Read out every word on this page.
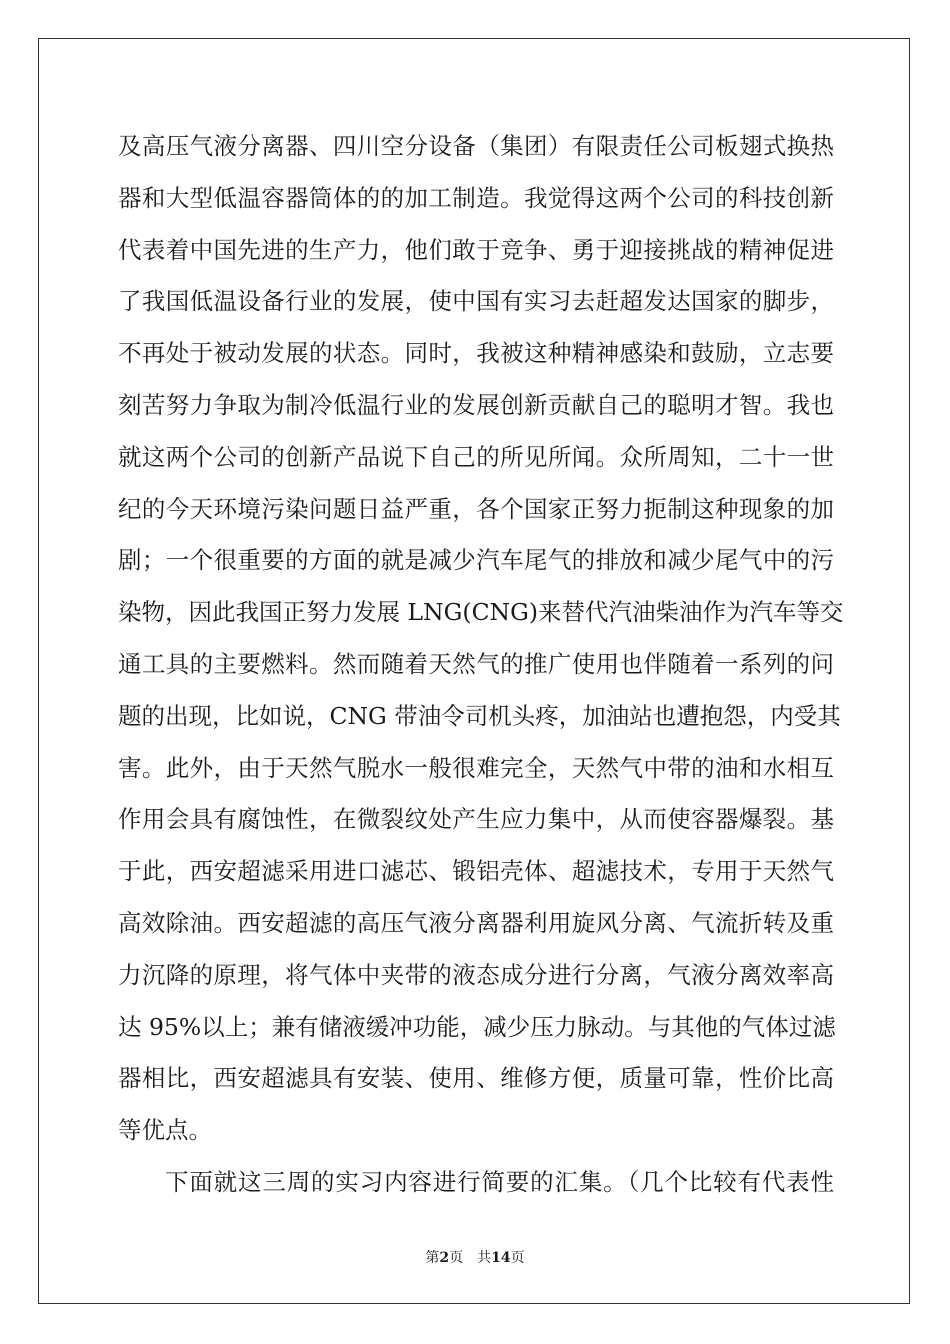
及高压气液分离器、四川空分设备（集团）有限责任公司板翅式换热
器和大型低温容器筒体的的加工制造。我觉得这两个公司的科技创新
代表着中国先进的生产力，他们敢于竞争、勇于迎接挑战的精神促进
了我国低温设备行业的发展，使中国有实习去赶超发达国家的脚步，
不再处于被动发展的状态。同时，我被这种精神感染和鼓励，立志要
刻苦努力争取为制冷低温行业的发展创新贡献自己的聪明才智。我也
就这两个公司的创新产品说下自己的所见所闻。众所周知，二十一世
纪的今天环境污染问题日益严重，各个国家正努力扼制这种现象的加
剧；一个很重要的方面的就是减少汽车尾气的排放和减少尾气中的污
染物，因此我国正努力发展 LNG(CNG)来替代汽油柴油作为汽车等交
通工具的主要燃料。然而随着天然气的推广使用也伴随着一系列的问
题的出现，比如说，CNG 带油令司机头疼，加油站也遭抱怨，内受其
害。此外，由于天然气脱水一般很难完全，天然气中带的油和水相互
作用会具有腐蚀性，在微裂纹处产生应力集中，从而使容器爆裂。基
于此，西安超滤采用进口滤芯、锻铝壳体、超滤技术，专用于天然气
高效除油。西安超滤的高压气液分离器利用旋风分离、气流折转及重
力沉降的原理，将气体中夹带的液态成分进行分离，气液分离效率高
达 95%以上；兼有储液缓冲功能，减少压力脉动。与其他的气体过滤
器相比，西安超滤具有安装、使用、维修方便，质量可靠，性价比高
等优点。
下面就这三周的实习内容进行简要的汇集。（几个比较有代表性
第2页 共14页
